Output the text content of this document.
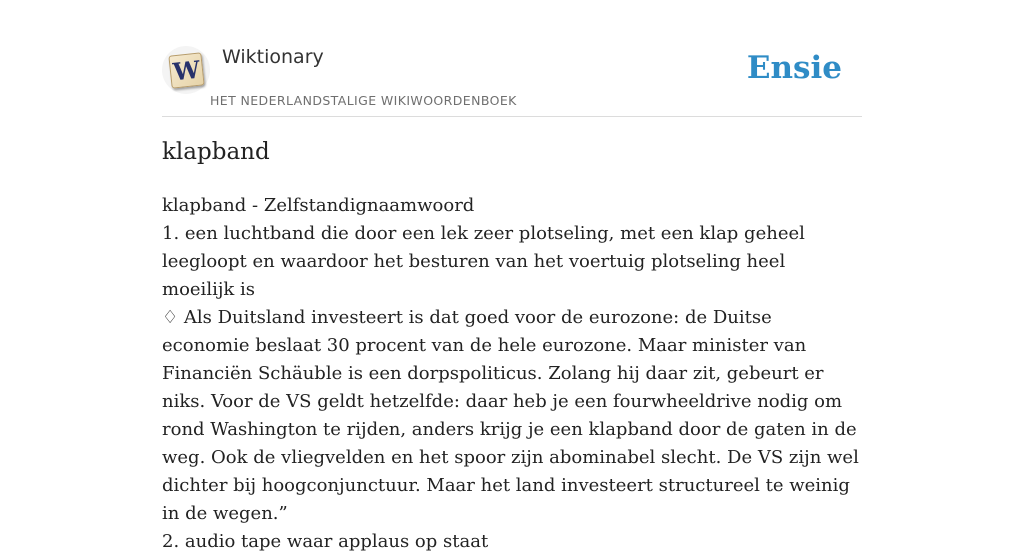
W Wiktionary
HET NEDERLANDSTALIGE WIKIWOORDENBOEK
Ensie
klapband

klapband - Zelfstandignaamwoord

1. een luchtband die door een lek zeer plotseling, met een klap geheel leegloopt en waardoor het besturen van het voertuig plotseling heel moeilijk is

♢ Als Duitsland investeert is dat goed voor de eurozone: de Duitse economie beslaat 30 procent van de hele eurozone. Maar minister van Financiën Schäuble is een dorpspoliticus. Zolang hij daar zit, gebeurt er niks. Voor de VS geldt hetzelfde: daar heb je een fourwheeldrive nodig om rond Washington te rijden, anders krijg je een klapband door de gaten in de weg. Ook de vliegvelden en het spoor zijn abominabel slecht. De VS zijn wel dichter bij hoogconjunctuur. Maar het land investeert structureel te weinig in de wegen.”

2. audio tape waar applaus op staat
